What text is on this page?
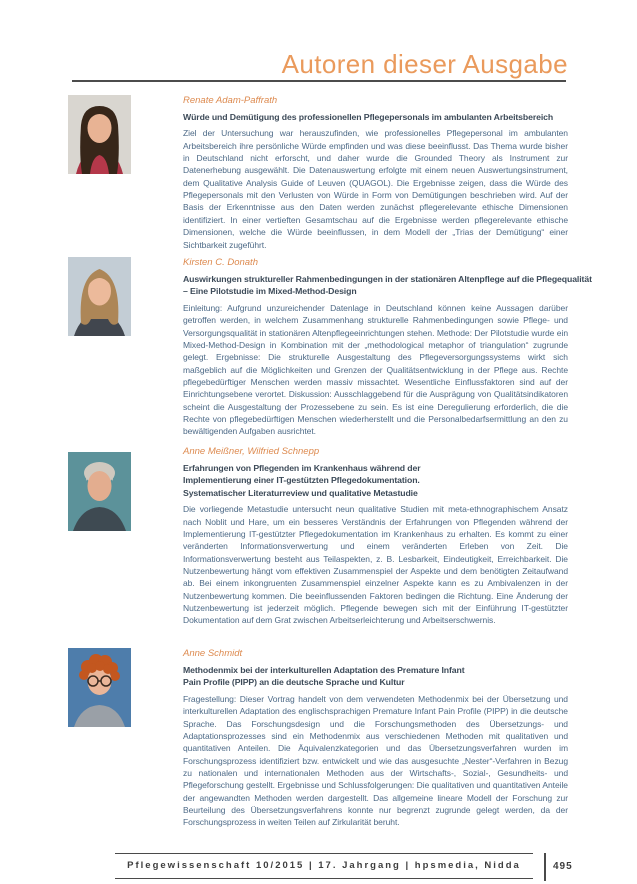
Autoren dieser Ausgabe
Renate Adam-Paffrath
Würde und Demütigung des professionellen Pflegepersonals im ambulanten Arbeitsbereich

Ziel der Untersuchung war herauszufinden, wie professionelles Pflegepersonal im ambulanten Arbeitsbereich ihre persönliche Würde empfinden und was diese beeinflusst. Das Thema wurde bisher in Deutschland nicht erforscht, und daher wurde die Grounded Theory als Instrument zur Datenerhebung ausgewählt. Die Datenauswertung erfolgte mit einem neuen Auswertungsinstrument, dem Qualitative Analysis Guide of Leuven (QUAGOL). Die Ergebnisse zeigen, dass die Würde des Pflegepersonals mit den Verlusten von Würde in Form von Demütigungen beschrieben wird. Auf der Basis der Erkenntnisse aus den Daten werden zunächst pflegerelevante ethische Dimensionen identifiziert. In einer vertieften Gesamtschau auf die Ergebnisse werden pflegerelevante ethische Dimensionen, welche die Würde beeinflussen, in dem Modell der „Trias der Demütigung“ einer Sichtbarkeit zugeführt.

Kirsten C. Donath
Auswirkungen struktureller Rahmenbedingungen in der stationären Altenpflege auf die Pflegequalität
– Eine Pilotstudie im Mixed-Method-Design

Einleitung: Aufgrund unzureichender Datenlage in Deutschland können keine Aussagen darüber getroffen werden, in welchem Zusammenhang strukturelle Rahmenbedingungen sowie Pflege- und Versorgungsqualität in stationären Altenpflegeeinrichtungen stehen. Methode: Der Pilotstudie wurde ein Mixed-Method-Design in Kombination mit der „methodological metaphor of triangulation“ zugrunde gelegt. Ergebnisse: Die strukturelle Ausgestaltung des Pflegeversorgungssystems wirkt sich maßgeblich auf die Möglichkeiten und Grenzen der Qualitätsentwicklung in der Pflege aus. Rechte pflegebedürftiger Menschen werden massiv missachtet. Wesentliche Einflussfaktoren sind auf der Einrichtungsebene verortet. Diskussion: Ausschlaggebend für die Ausprägung von Qualitätsindikatoren scheint die Ausgestaltung der Prozessebene zu sein. Es ist eine Deregulierung erforderlich, die die Rechte von pflegebedürftigen Menschen wiederherstellt und die Personalbedarfsermittlung an den zu bewältigenden Aufgaben ausrichtet.

Anne Meißner, Wilfried Schnepp
Erfahrungen von Pflegenden im Krankenhaus während der
Implementierung einer IT-gestützten Pflegedokumentation.
Systematischer Literaturreview und qualitative Metastudie

Die vorliegende Metastudie untersucht neun qualitative Studien mit meta-ethnographischem Ansatz nach Noblit und Hare, um ein besseres Verständnis der Erfahrungen von Pflegenden während der Implementierung IT-gestützter Pflegedokumentation im Krankenhaus zu erhalten. Es kommt zu einer veränderten Informationsverwertung und einem veränderten Erleben von Zeit. Die Informationsverwertung besteht aus Teilaspekten, z. B. Lesbarkeit, Eindeutigkeit, Erreichbarkeit. Die Nutzenbewertung hängt vom effektiven Zusammenspiel der Aspekte und dem benötigten Zeitaufwand ab. Bei einem inkongruenten Zusammenspiel einzelner Aspekte kann es zu Ambivalenzen in der Nutzenbewertung kommen. Die beeinflussenden Faktoren bedingen die Richtung. Eine Änderung der Nutzenbewertung ist jederzeit möglich. Pflegende bewegen sich mit der Einführung IT-gestützter Dokumentation auf dem Grat zwischen Arbeitserleichterung und Arbeitserschwernis.

Anne Schmidt
Methodenmix bei der interkulturellen Adaptation des Premature Infant
Pain Profile (PIPP) an die deutsche Sprache und Kultur

Fragestellung: Dieser Vortrag handelt von dem verwendeten Methodenmix bei der Übersetzung und interkulturellen Adaptation des englischsprachigen Premature Infant Pain Profile (PIPP) in die deutsche Sprache. Das Forschungsdesign und die Forschungsmethoden des Übersetzungs- und Adaptationsprozesses sind ein Methodenmix aus verschiedenen Methoden mit qualitativen und quantitativen Anteilen. Die Äquivalenzkategorien und das Übersetzungsverfahren wurden im Forschungsprozess identifiziert bzw. entwickelt und wie das ausgesuchte „Nester“-Verfahren in Bezug zu nationalen und internationalen Methoden aus der Wirtschafts-, Sozial-, Gesundheits- und Pflegeforschung gestellt. Ergebnisse und Schlussfolgerungen: Die qualitativen und quantitativen Anteile der angewandten Methoden werden dargestellt. Das allgemeine lineare Modell der Forschung zur Beurteilung des Übersetzungsverfahrens konnte nur begrenzt zugrunde gelegt werden, da der Forschungsprozess in weiten Teilen auf Zirkularität beruht.

Pflegewissenschaft 10/2015 | 17. Jahrgang | hpsmedia, Nidda	495
